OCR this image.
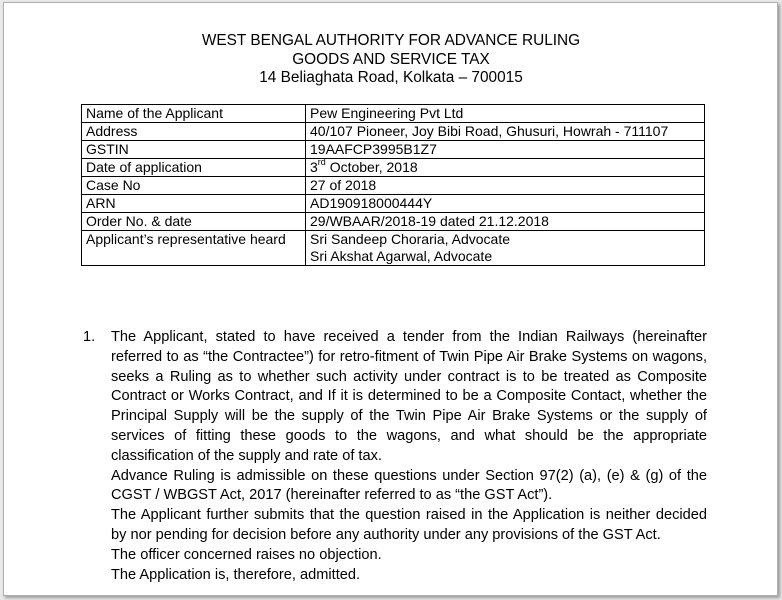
WEST BENGAL AUTHORITY FOR ADVANCE RULING
GOODS AND SERVICE TAX
14 Beliaghata Road, Kolkata – 700015
Name of the Applicant	Pew Engineering Pvt Ltd
Address	40/107 Pioneer, Joy Bibi Road, Ghusuri, Howrah - 711107
GSTIN	19AAFCP3995B1Z7
Date of application	3rd October, 2018
Case No	27 of 2018
ARN	AD190918000444Y
Order No. & date	29/WBAAR/2018-19 dated 21.12.2018
Applicant’s representative heard	Sri Sandeep Choraria, Advocate
Sri Akshat Agarwal, Advocate
1. The Applicant, stated to have received a tender from the Indian Railways (hereinafter
referred to as “the Contractee”) for retro-fitment of Twin Pipe Air Brake Systems on wagons,
seeks a Ruling as to whether such activity under contract is to be treated as Composite
Contract or Works Contract, and If it is determined to be a Composite Contact, whether the
Principal Supply will be the supply of the Twin Pipe Air Brake Systems or the supply of
services of fitting these goods to the wagons, and what should be the appropriate
classification of the supply and rate of tax.
Advance Ruling is admissible on these questions under Section 97(2) (a), (e) & (g) of the
CGST / WBGST Act, 2017 (hereinafter referred to as “the GST Act”).
The Applicant further submits that the question raised in the Application is neither decided
by nor pending for decision before any authority under any provisions of the GST Act.

The officer concerned raises no objection.

The Application is, therefore, admitted.
